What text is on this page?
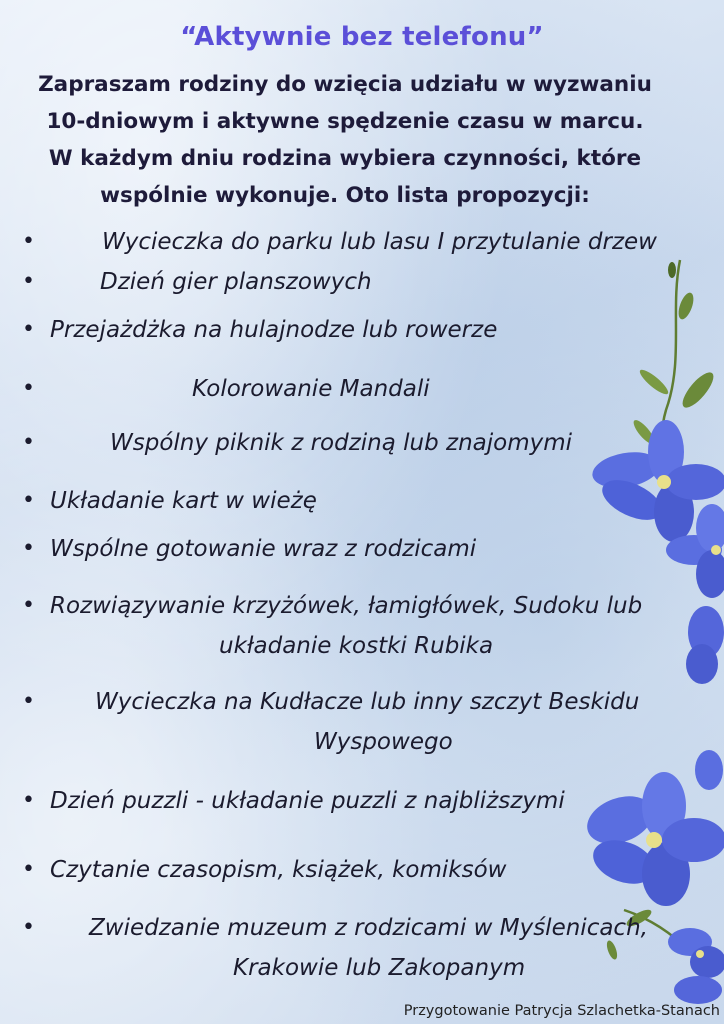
“Aktywnie bez telefonu”
Zapraszam rodziny do wzięcia udziału w wyzwaniu
10-dniowym i aktywne spędzenie czasu w marcu.
W każdym dniu rodzina wybiera czynności, które
wspólnie wykonuje. Oto lista propozycji:
•	Wycieczka do parku lub lasu I przytulanie drzew
•	Dzień gier planszowych
• Przejażdżka na hulajnodze lub rowerze
•	Kolorowanie Mandali
•	Wspólny piknik z rodziną lub znajomymi
• Układanie kart w wieżę
• Wspólne gotowanie wraz z rodzicami
• Rozwiązywanie krzyżówek, łamigłówek, Sudoku lub
układanie kostki Rubika
•	Wycieczka na Kudłacze lub inny szczyt Beskidu
Wyspowego
• Dzień puzzli - układanie puzzli z najbliższymi
• Czytanie czasopism, książek, komiksów
• Zwiedzanie muzeum z rodzicami w Myślenicach,
Krakowie lub Zakopanym
Przygotowanie Patrycja Szlachetka-Stanach
